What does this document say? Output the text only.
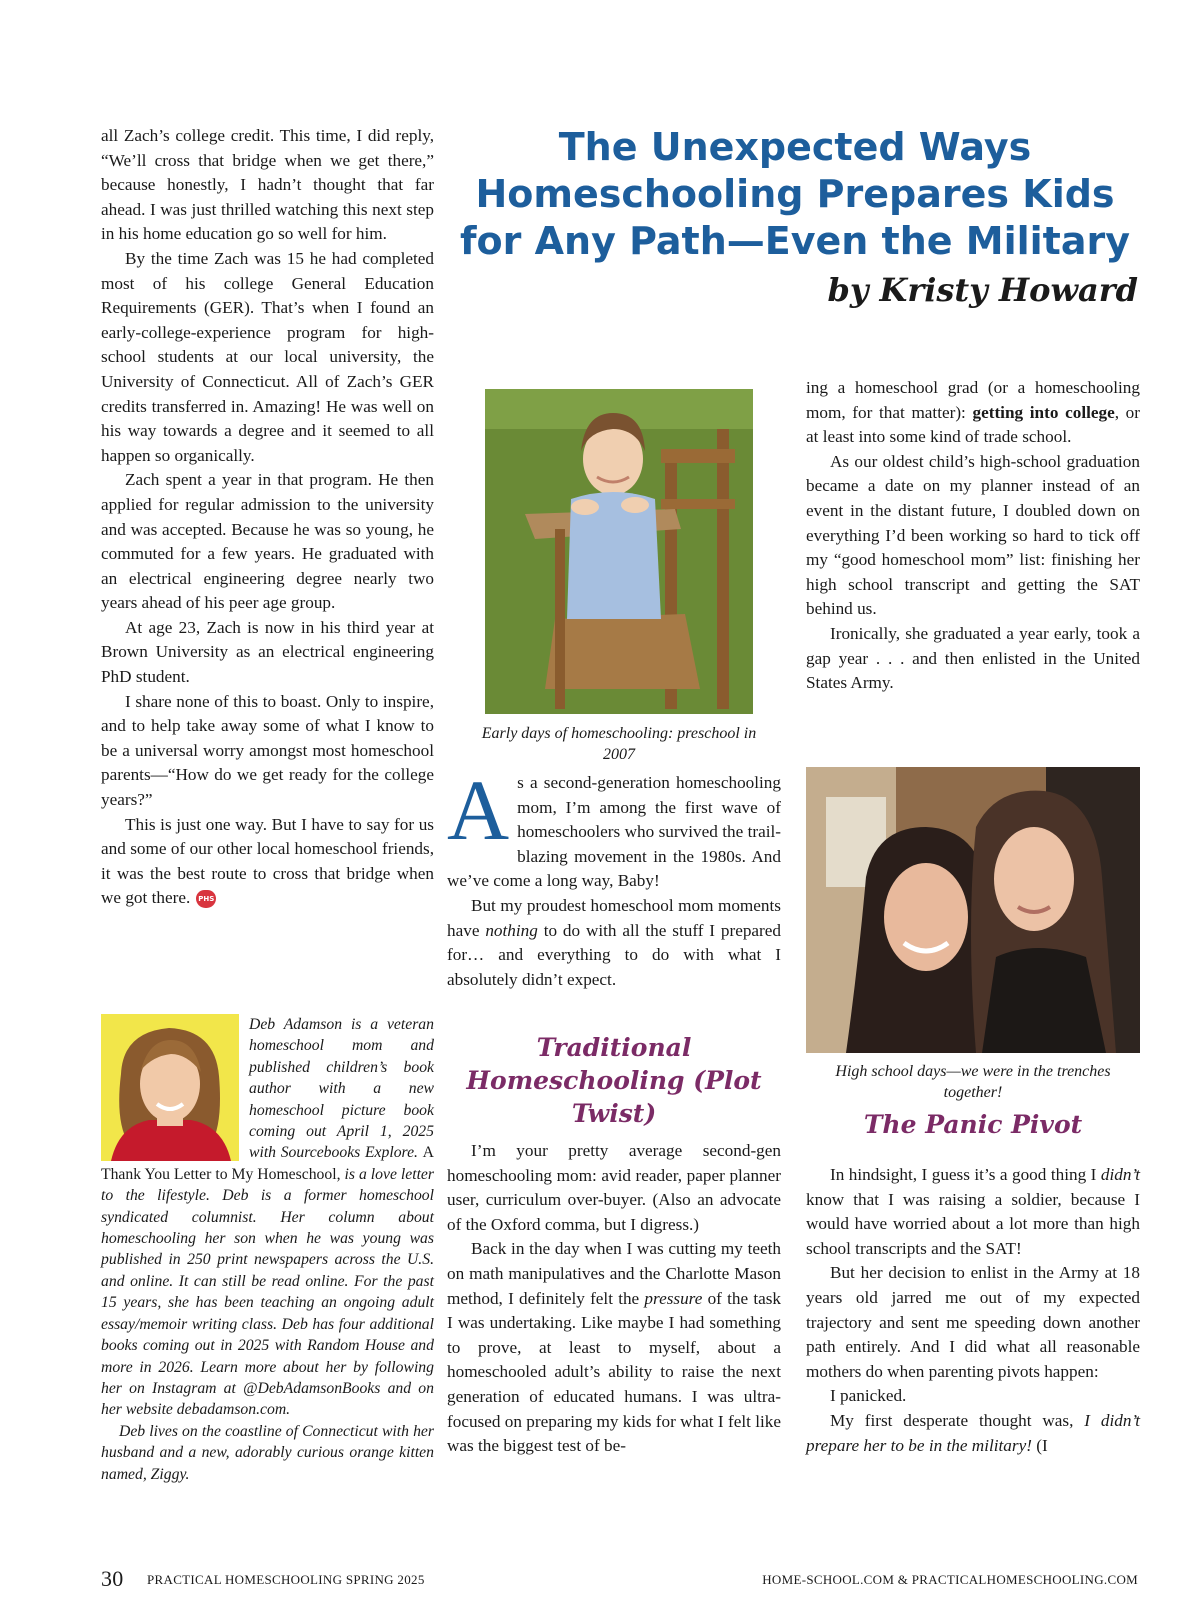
all Zach’s college credit. This time, I did reply, “We’ll cross that bridge when we get there,” because honestly, I hadn’t thought that far ahead. I was just thrilled watching this next step in his home education go so well for him.

By the time Zach was 15 he had completed most of his college General Education Requirements (GER). That’s when I found an early-college-experience program for high-school students at our local university, the University of Connecticut. All of Zach’s GER credits transferred in. Amazing! He was well on his way towards a degree and it seemed to all happen so organically.

Zach spent a year in that program. He then applied for regular admission to the university and was accepted. Because he was so young, he commuted for a few years. He graduated with an electrical engineering degree nearly two years ahead of his peer age group.

At age 23, Zach is now in his third year at Brown University as an electrical engineering PhD student.

I share none of this to boast. Only to inspire, and to help take away some of what I know to be a universal worry amongst most homeschool parents—“How do we get ready for the college years?”

This is just one way. But I have to say for us and some of our other local homeschool friends, it was the best route to cross that bridge when we got there. PHS

Deb Adamson is a veteran homeschool mom and published children’s book author with a new homeschool picture book coming out April 1, 2025 with Sourcebooks Explore. A Thank You Letter to My Homeschool, is a love letter to the lifestyle. Deb is a former homeschool syndicated columnist. Her column about homeschooling her son when he was young was published in 250 print newspapers across the U.S. and online. It can still be read online. For the past 15 years, she has been teaching an ongoing adult essay/memoir writing class. Deb has four additional books coming out in 2025 with Random House and more in 2026. Learn more about her by following her on Instagram at @DebAdamsonBooks and on her website debadamson.com.

Deb lives on the coastline of Connecticut with her husband and a new, adorably curious orange kitten named, Ziggy.

The Unexpected Ways Homeschooling Prepares Kids for Any Path—Even the Military
by Kristy Howard
Early days of homeschooling: preschool in 2007

As a second-generation homeschooling mom, I’m among the first wave of homeschoolers who survived the trail-blazing movement in the 1980s. And we’ve come a long way, Baby!

But my proudest homeschool mom moments have nothing to do with all the stuff I prepared for… and everything to do with what I absolutely didn’t expect.

Traditional Homeschooling (Plot Twist)

I’m your pretty average second-gen homeschooling mom: avid reader, paper planner user, curriculum over-buyer. (Also an advocate of the Oxford comma, but I digress.)

Back in the day when I was cutting my teeth on math manipulatives and the Charlotte Mason method, I definitely felt the pressure of the task I was undertaking. Like maybe I had something to prove, at least to myself, about a homeschooled adult’s ability to raise the next generation of educated humans. I was ultra-focused on preparing my kids for what I felt like was the biggest test of be-

ing a homeschool grad (or a homeschooling mom, for that matter): getting into college, or at least into some kind of trade school.

As our oldest child’s high-school graduation became a date on my planner instead of an event in the distant future, I doubled down on everything I’d been working so hard to tick off my “good homeschool mom” list: finishing her high school transcript and getting the SAT behind us.

Ironically, she graduated a year early, took a gap year . . . and then enlisted in the United States Army.

High school days—we were in the trenches together!
The Panic Pivot

In hindsight, I guess it’s a good thing I didn’t know that I was raising a soldier, because I would have worried about a lot more than high school transcripts and the SAT!

But her decision to enlist in the Army at 18 years old jarred me out of my expected trajectory and sent me speeding down another path entirely. And I did what all reasonable mothers do when parenting pivots happen:

I panicked.

My first desperate thought was, I didn’t prepare her to be in the military! (I

30 PRACTICAL HOMESCHOOLING SPRING 2025	HOME-SCHOOL.COM & PRACTICALHOMESCHOOLING.COM
